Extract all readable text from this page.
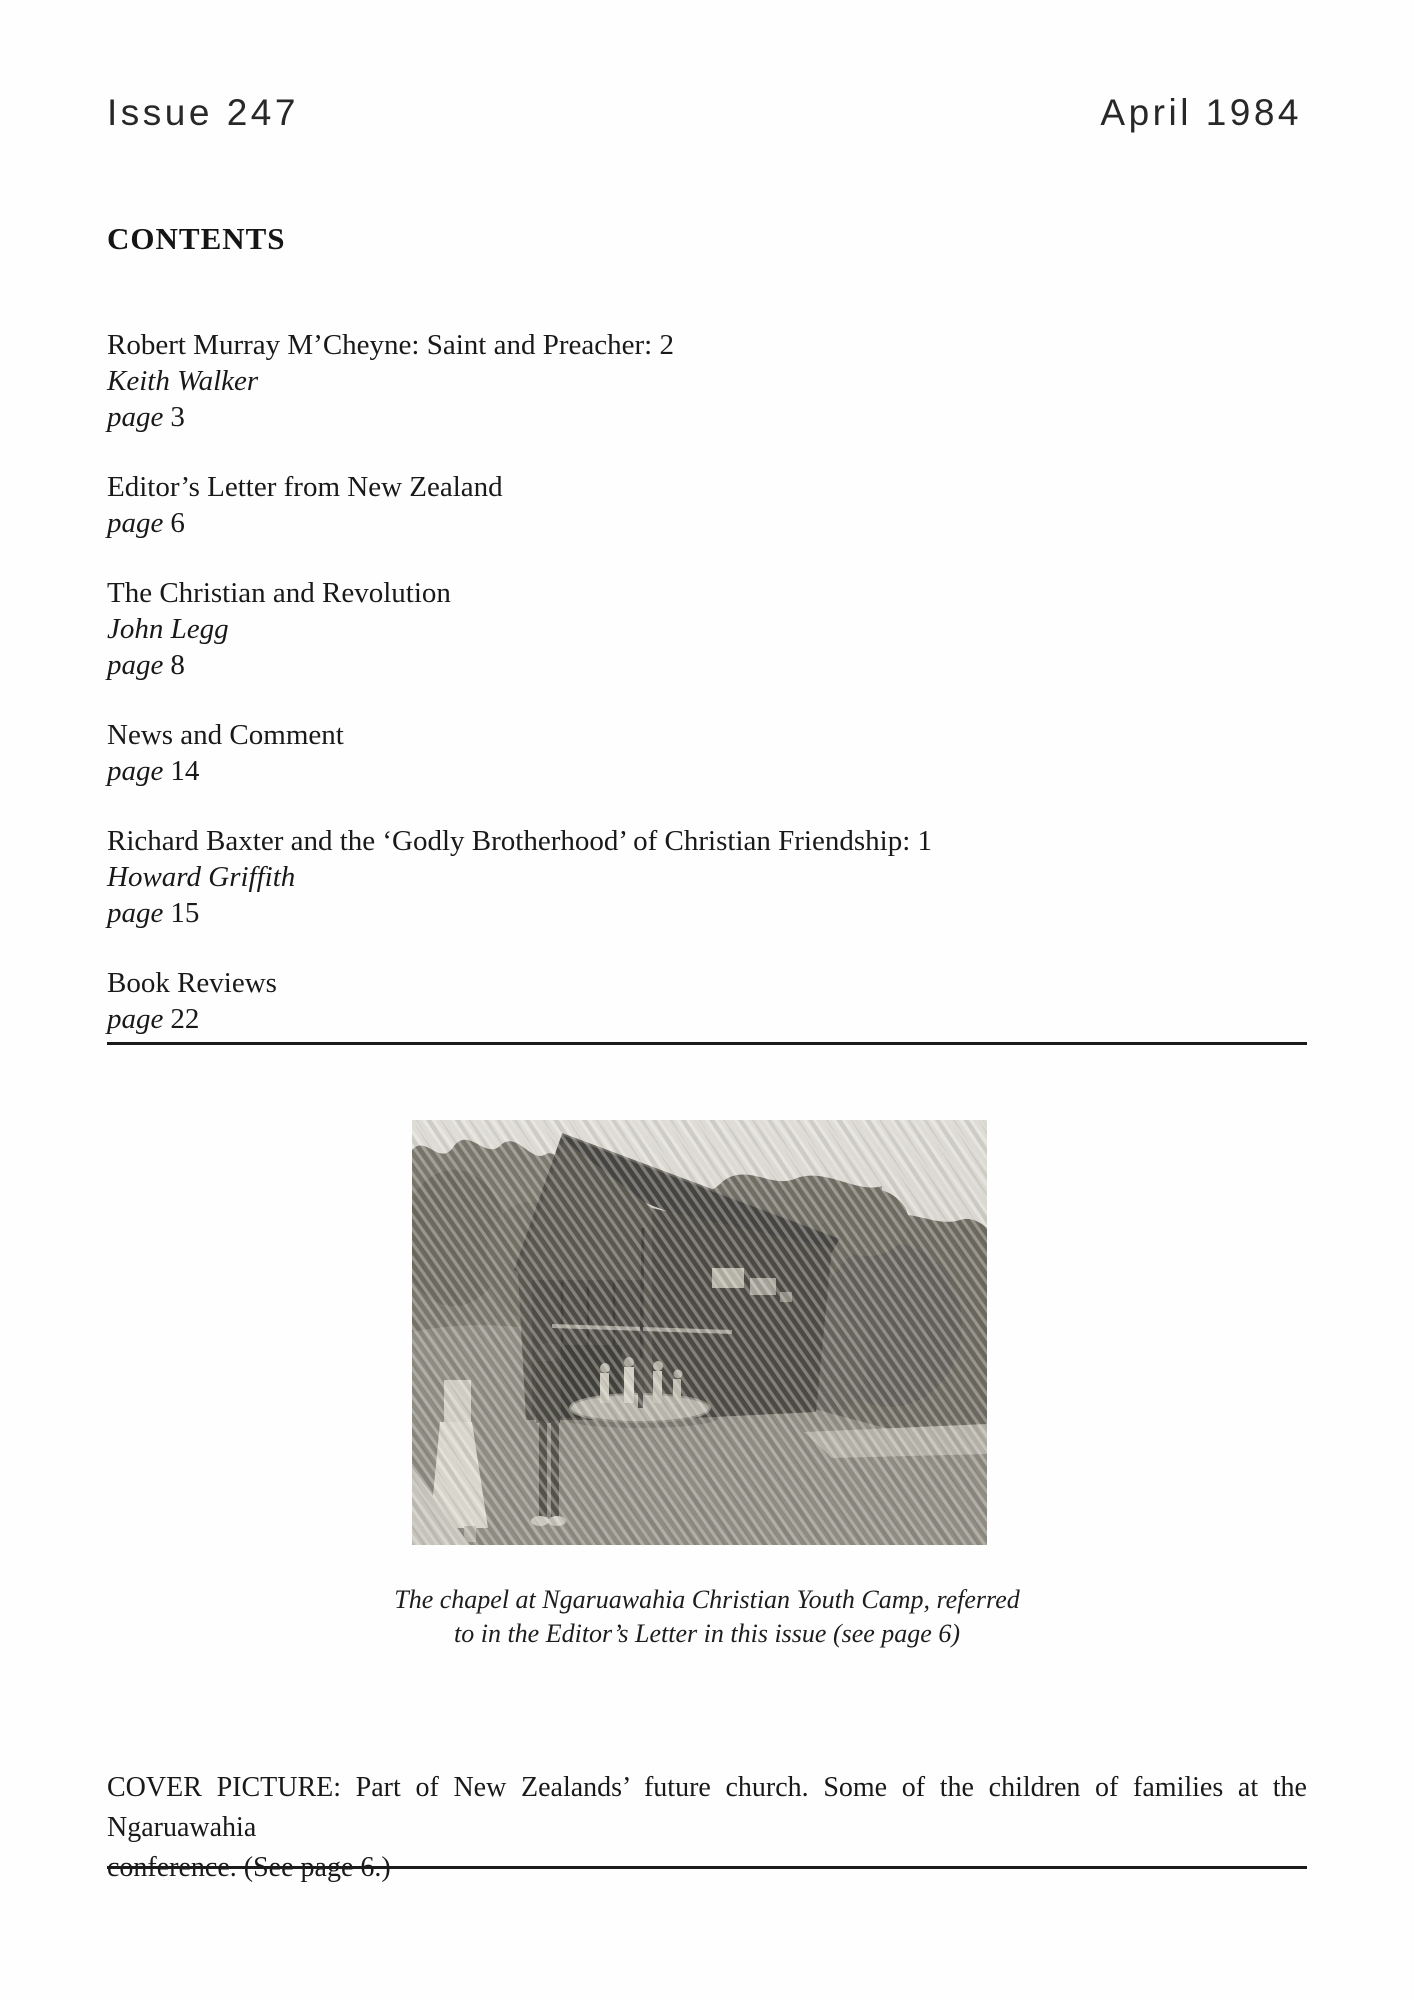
Issue 247	April 1984
CONTENTS
Robert Murray M’Cheyne: Saint and Preacher: 2
Keith Walker
page 3
Editor’s Letter from New Zealand
page 6
The Christian and Revolution
John Legg
page 8
News and Comment
page 14
Richard Baxter and the ‘Godly Brotherhood’ of Christian Friendship: 1
Howard Griffith
page 15
Book Reviews
page 22
The chapel at Ngaruawahia Christian Youth Camp, referred
to in the Editor’s Letter in this issue (see page 6)

COVER PICTURE: Part of New Zealands’ future church. Some of the children of families at the Ngaruawahia
conference. (See page 6.)
